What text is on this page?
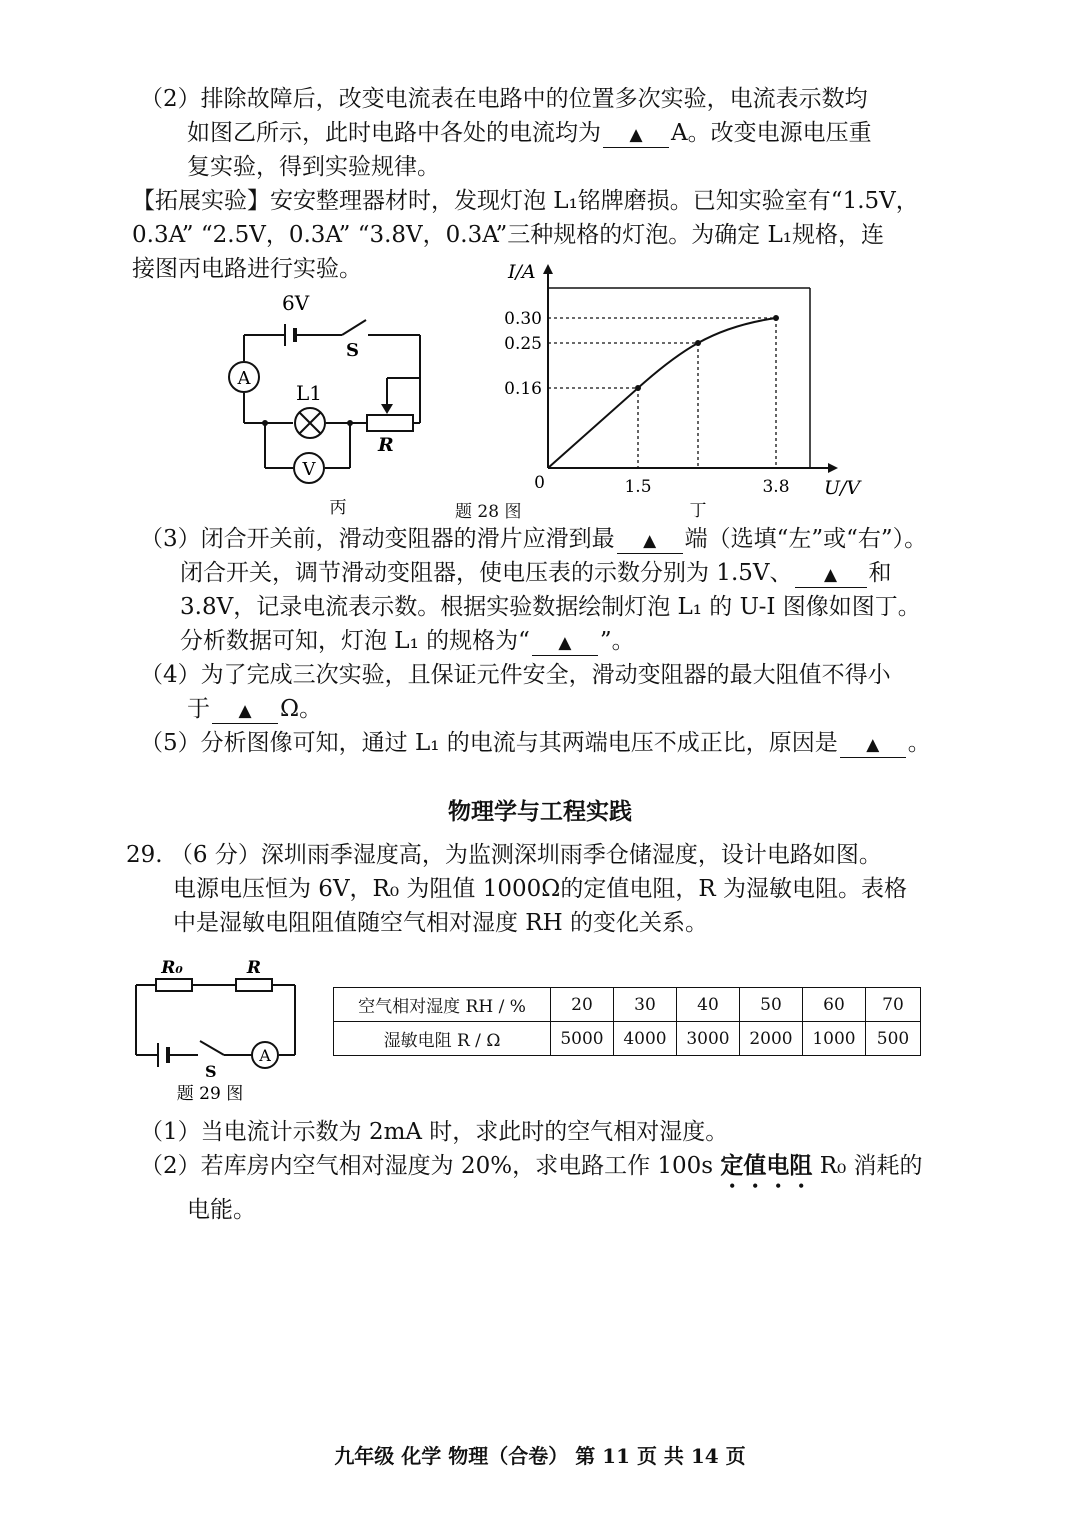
（2）排除故障后，改变电流表在电路中的位置多次实验，电流表示数均
如图乙所示，此时电路中各处的电流均为 ▲ A。改变电源电压重
复实验，得到实验规律。
【拓展实验】安安整理器材时，发现灯泡 L₁铭牌磨损。已知实验室有“1.5V，
0.3A” “2.5V，0.3A” “3.8V，0.3A”三种规格的灯泡。为确定 L₁规格，连
接图丙电路进行实验。
6V
S
A
L1
R
V
丙	题 28 图
0.16
0.25
0.30
1.5	3.8
0	U/V
I/A
丁
（3）闭合开关前，滑动变阻器的滑片应滑到最 ▲ 端（选填“左”或“右”）。
闭合开关，调节滑动变阻器，使电压表的示数分别为 1.5V、 ▲ 和
3.8V，记录电流表示数。根据实验数据绘制灯泡 L₁ 的 U-I 图像如图丁。
分析数据可知，灯泡 L₁ 的规格为“ ▲ ”。
（4）为了完成三次实验，且保证元件安全，滑动变阻器的最大阻值不得小
于 ▲ Ω。
（5）分析图像可知，通过 L₁ 的电流与其两端电压不成正比，原因是 ▲ 。
物理学与工程实践
29. （6 分）深圳雨季湿度高，为监测深圳雨季仓储湿度，设计电路如图。
电源电压恒为 6V，R₀ 为阻值 1000Ω的定值电阻，R 为湿敏电阻。表格
中是湿敏电阻阻值随空气相对湿度 RH 的变化关系。
R₀	R
S
A
题 29 图
空气相对湿度 RH / %	20	30	40	50	60	70
湿敏电阻 R / Ω	5000	4000	3000	2000	1000	500
（1）当电流计示数为 2mA 时，求此时的空气相对湿度。
（2）若库房内空气相对湿度为 20%，求电路工作 100s 定值电阻 R₀ 消耗的
电能。
九年级 化学 物理（合卷） 第 11 页 共 14 页
